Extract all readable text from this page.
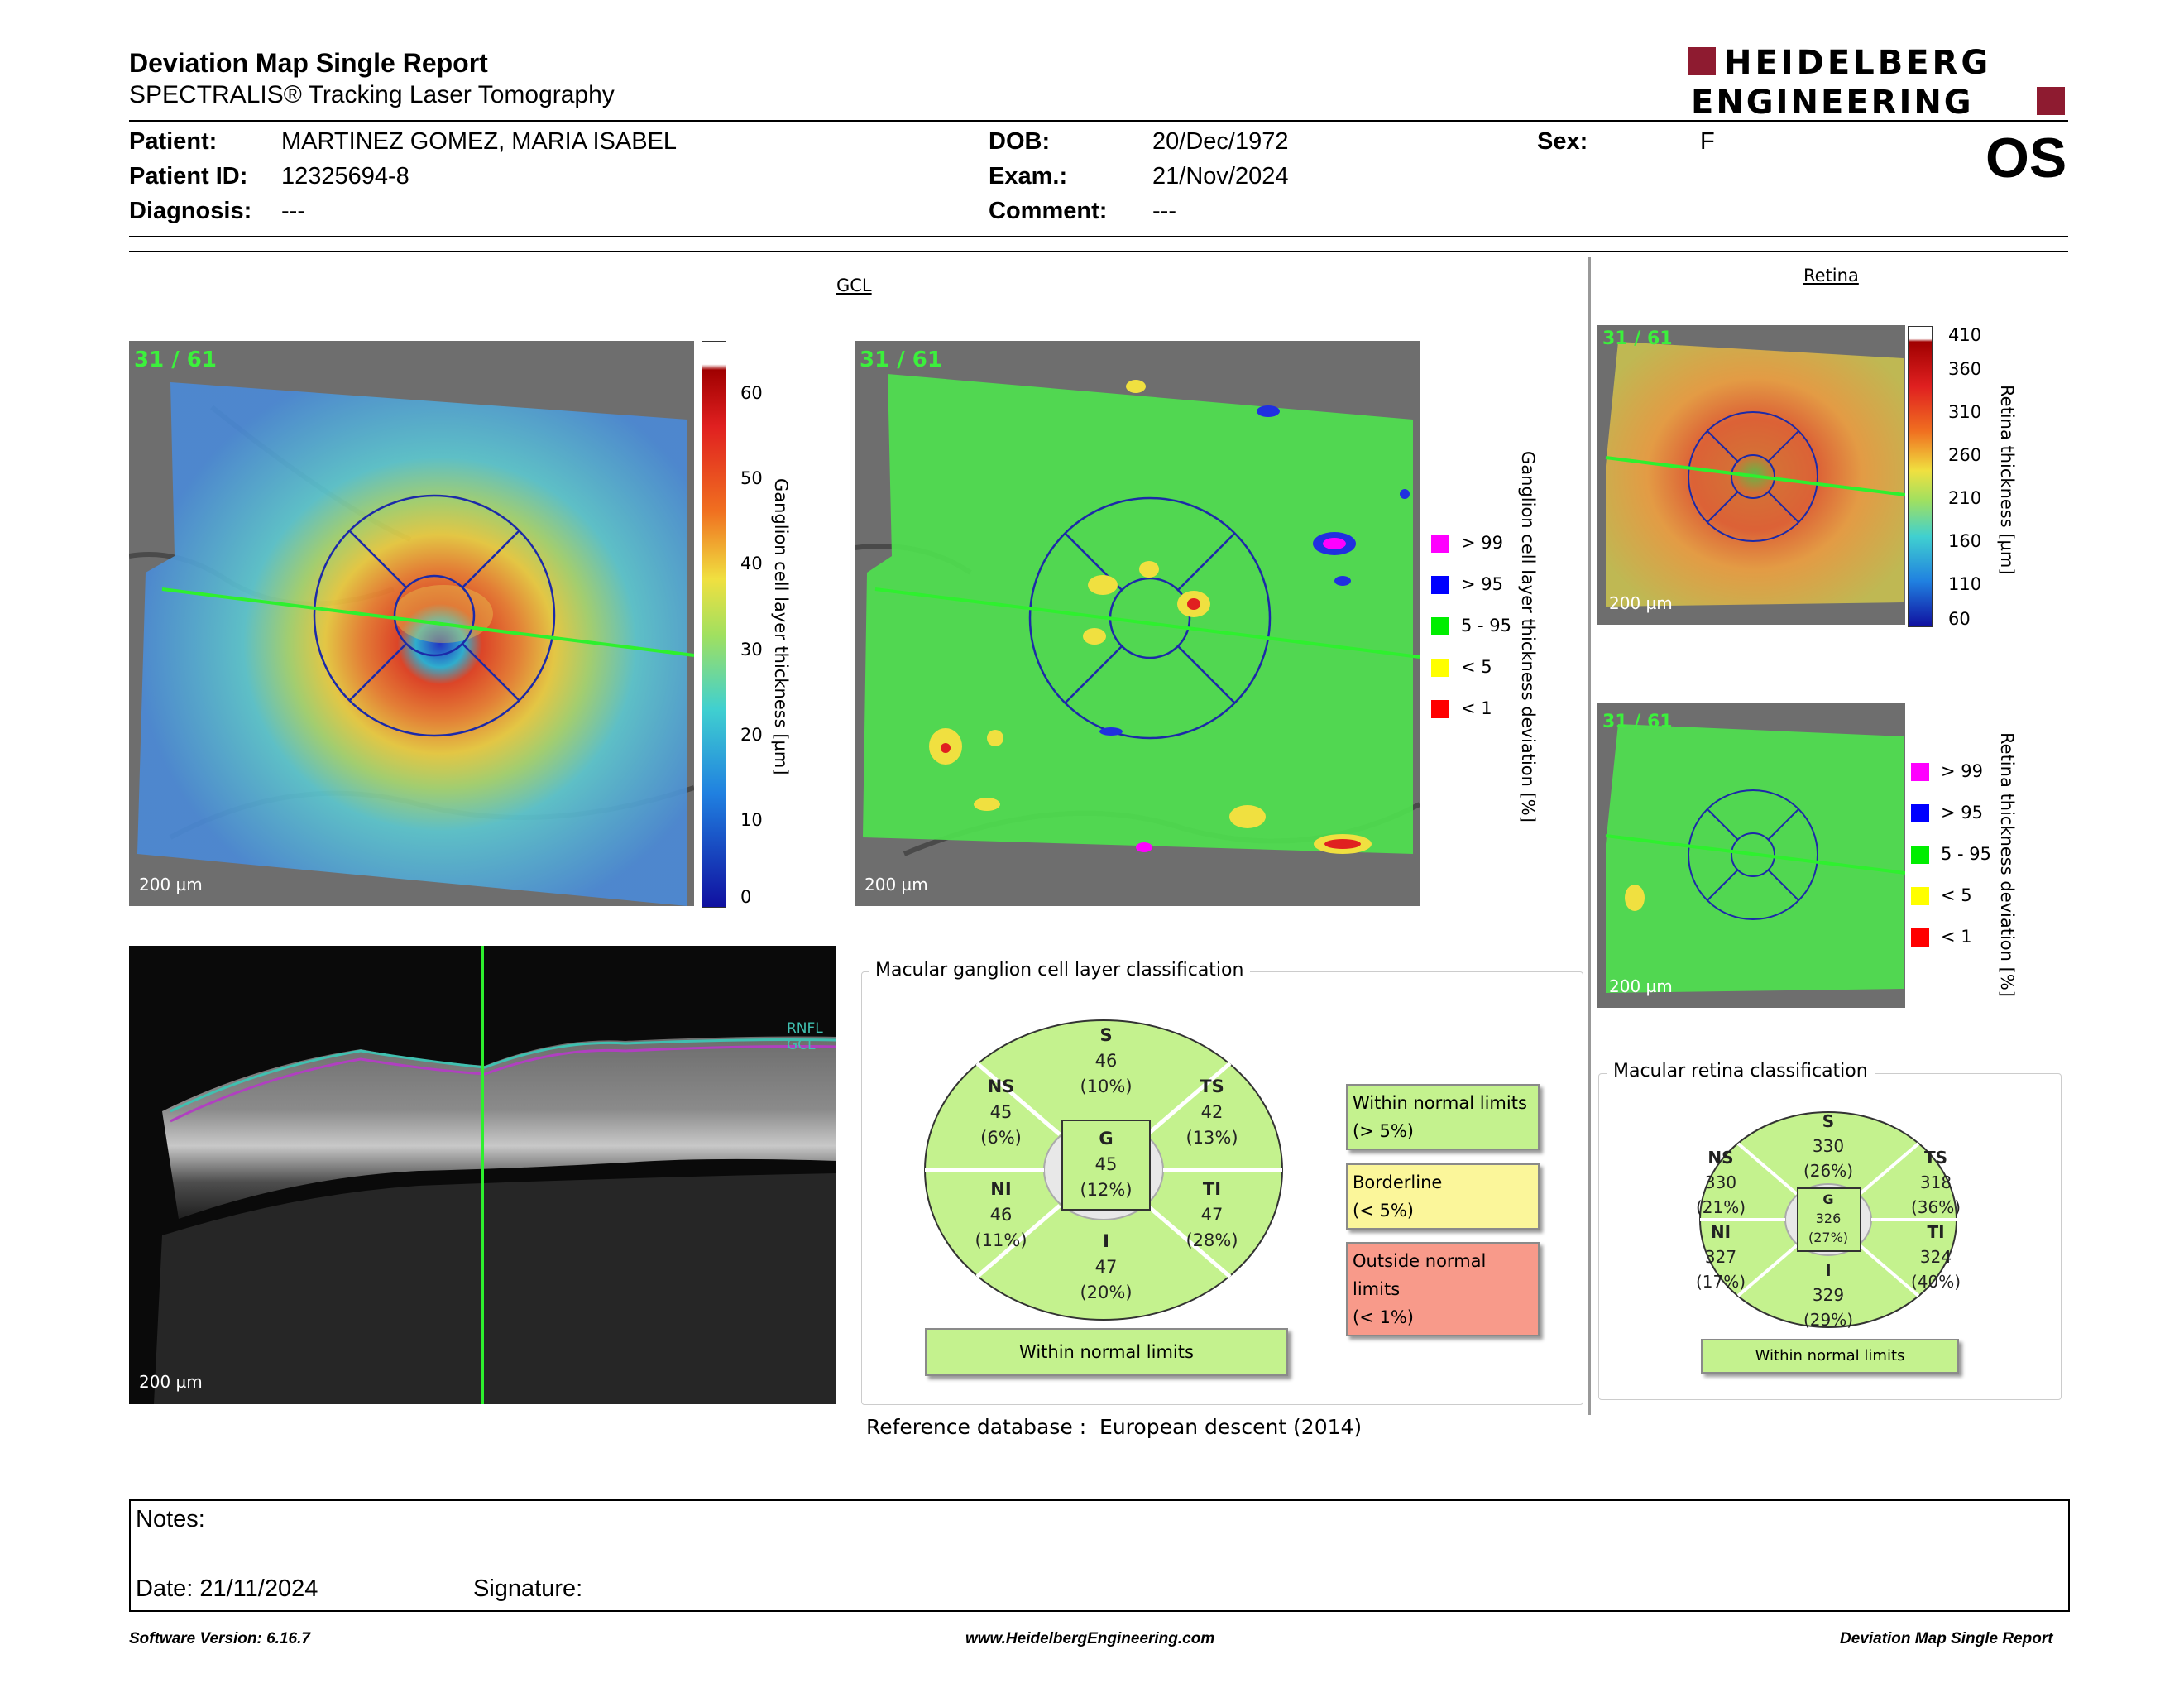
Deviation Map Single Report
SPECTRALIS® Tracking Laser Tomography
HEIDELBERG
ENGINEERING
Patient:	MARTINEZ GOMEZ, MARIA ISABEL
Patient ID: 12325694-8
Diagnosis: ---
DOB:	20/Dec/1972
Exam.:	21/Nov/2024
Comment: ---
Sex:	F	OS
GCL
31 / 61
200 µm
60
50
40
30
20
10
0
Ganglion cell layer thickness [µm]
31 / 61
200 µm
> 99
> 95
5 - 95
< 5
< 1 Ganglion cell layer thickness deviation [%]
RNFL GCL
200 µm
Macular ganglion cell layer classification
S
46
(10%)
NS
45
(6%)
TS
42
(13%)
G
45
(12%)
NI
46
(11%)
TI
47
(28%)
I
47
(20%)
Within normal limits
Within normal limits
(> 5%)
Borderline
(< 5%)
Outside normal limits
(< 1%)
Reference database : European descent (2014)
Retina
31 / 61
200 µm
410
360
310
260
210
160
110
60
Retina thickness [µm]
31 / 61
200 µm
> 99
> 95
5 - 95
< 5
< 1 Retina thickness deviation [%]
Macular retina classification
S
330
(26%)
NS
330
(21%)
TS
318
(36%)
G
326
(27%)
NI
327
(17%)
TI
324
(40%)
I
329
(29%)
Within normal limits
Notes:
Date: 21/11/2024	Signature:
Software Version: 6.16.7	www.HeidelbergEngineering.com	Deviation Map Single Report
